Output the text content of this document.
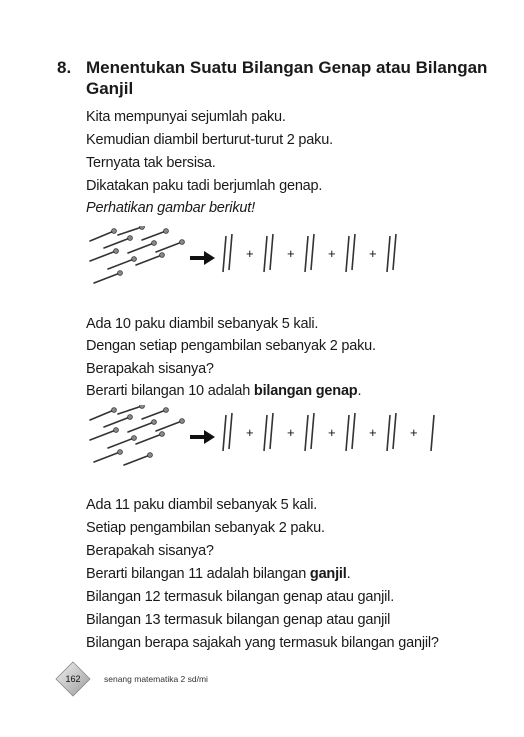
8. Menentukan Suatu Bilangan Genap atau Bilangan Ganjil
Kita mempunyai sejumlah paku.
Kemudian diambil berturut-turut 2 paku.
Ternyata tak bersisa.
Dikatakan paku tadi berjumlah genap.
Perhatikan gambar berikut!
+	+	+	+
Ada 10 paku diambil sebanyak 5 kali.
Dengan setiap pengambilan sebanyak 2 paku.
Berapakah sisanya?
Berarti bilangan 10 adalah bilangan genap.
+	+	+	+	+
Ada 11 paku diambil sebanyak 5 kali.
Setiap pengambilan sebanyak 2 paku.
Berapakah sisanya?
Berarti bilangan 11 adalah bilangan ganjil.
Bilangan 12 termasuk bilangan genap atau ganjil.
Bilangan 13 termasuk bilangan genap atau ganjil
Bilangan berapa sajakah yang termasuk bilangan ganjil?
162	senang matematika 2 sd/mi
